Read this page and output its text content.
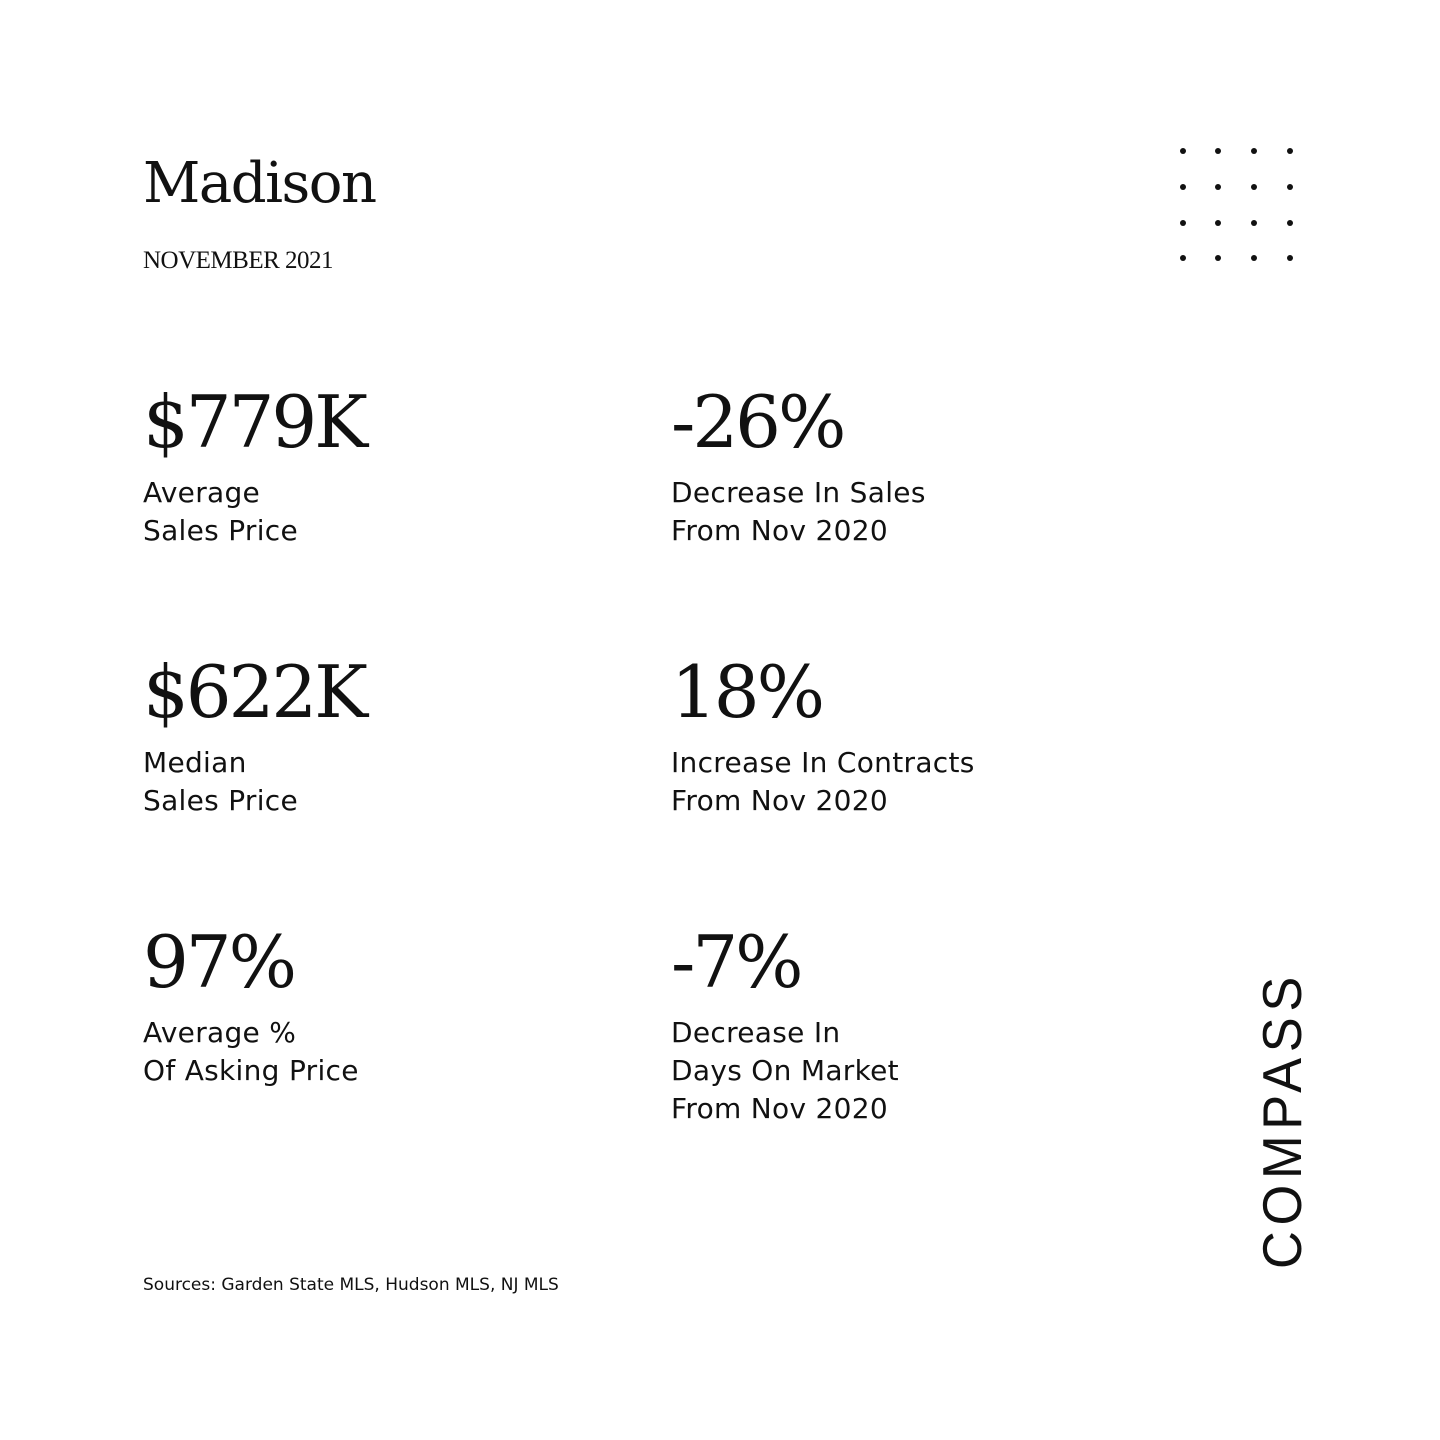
Madison
NOVEMBER 2021
$779K
Average
Sales Price
-26%
Decrease In Sales
From Nov 2020
$622K
Median
Sales Price
18%
Increase In Contracts
From Nov 2020
97%
Average %
Of Asking Price
-7%
Decrease In
Days On Market
From Nov 2020
Sources: Garden State MLS, Hudson MLS, NJ MLS
COMPASS
